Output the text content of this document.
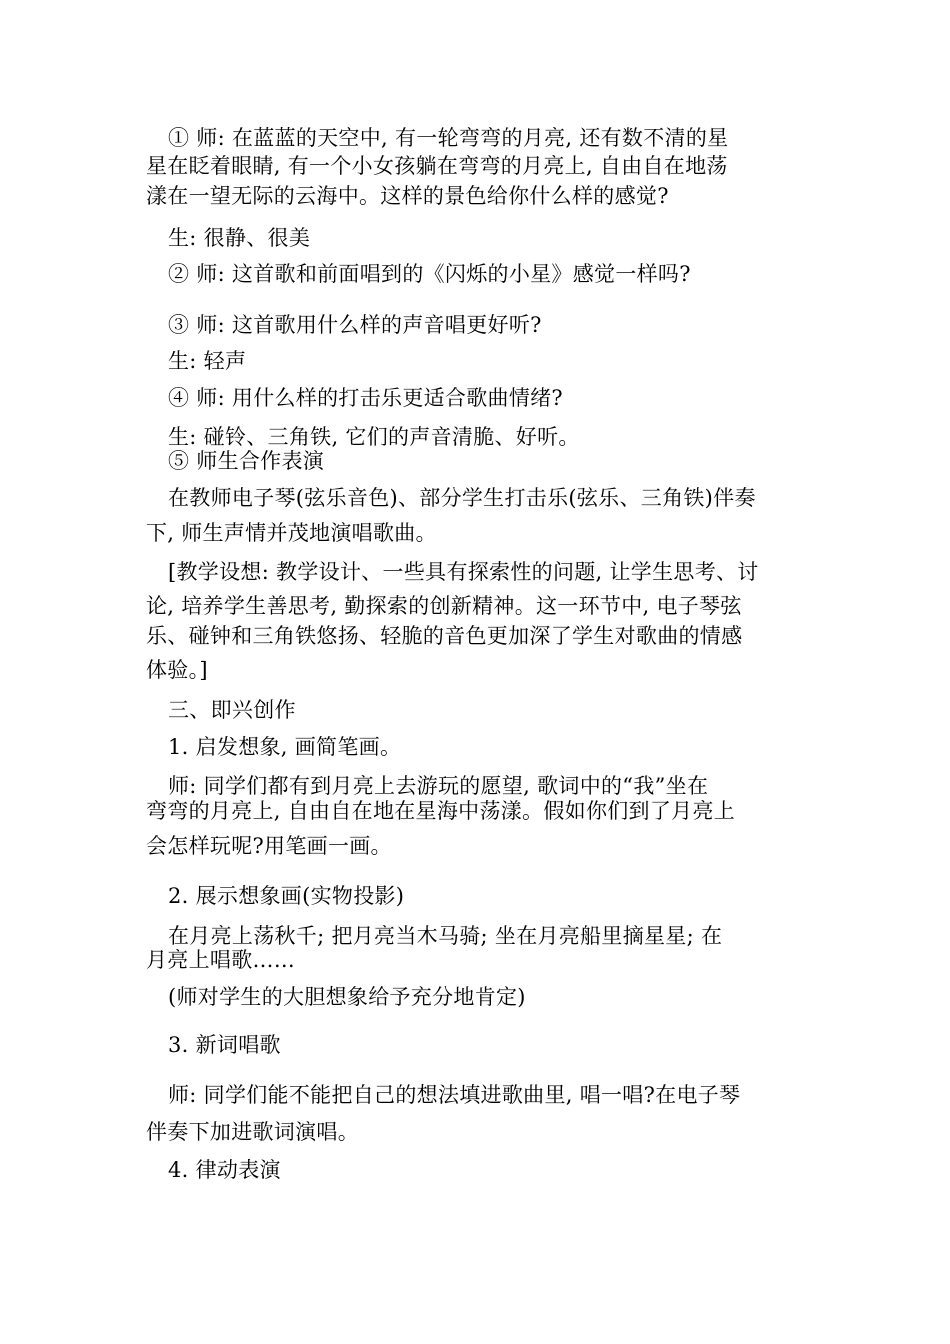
① 师: 在蓝蓝的天空中, 有一轮弯弯的月亮, 还有数不清的星
星在眨着眼睛, 有一个小女孩躺在弯弯的月亮上, 自由自在地荡
漾在一望无际的云海中。这样的景色给你什么样的感觉?
生: 很静、很美
② 师: 这首歌和前面唱到的《闪烁的小星》感觉一样吗?
③ 师: 这首歌用什么样的声音唱更好听?
生: 轻声
④ 师: 用什么样的打击乐更适合歌曲情绪?
生: 碰铃、三角铁, 它们的声音清脆、好听。
⑤ 师生合作表演
在教师电子琴(弦乐音色)、部分学生打击乐(弦乐、三角铁)伴奏
下, 师生声情并茂地演唱歌曲。
[教学设想: 教学设计、一些具有探索性的问题, 让学生思考、讨
论, 培养学生善思考, 勤探索的创新精神。这一环节中, 电子琴弦
乐、碰钟和三角铁悠扬、轻脆的音色更加深了学生对歌曲的情感
体验。]
三、即兴创作
1. 启发想象, 画简笔画。
师: 同学们都有到月亮上去游玩的愿望, 歌词中的“我”坐在
弯弯的月亮上, 自由自在地在星海中荡漾。假如你们到了月亮上
会怎样玩呢?用笔画一画。
2. 展示想象画(实物投影)
在月亮上荡秋千; 把月亮当木马骑; 坐在月亮船里摘星星; 在
月亮上唱歌……
(师对学生的大胆想象给予充分地肯定)
3. 新词唱歌
师: 同学们能不能把自己的想法填进歌曲里, 唱一唱?在电子琴
伴奏下加进歌词演唱。
4. 律动表演
